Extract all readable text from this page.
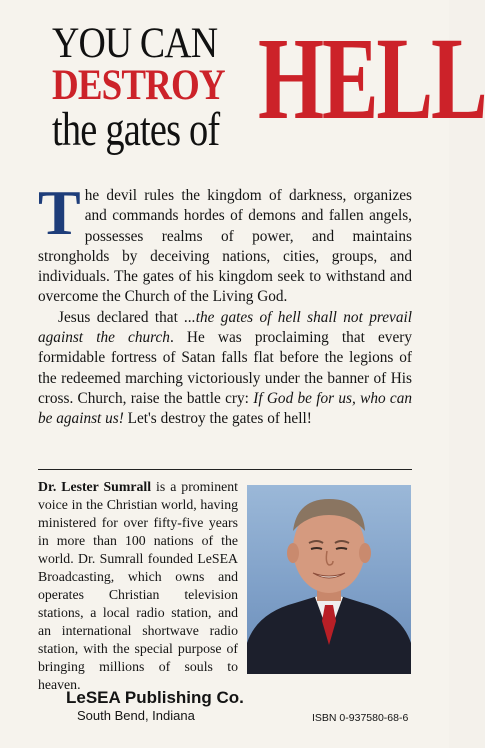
YOU CAN
DESTROY
the gates of HELL

The devil rules the kingdom of darkness, organizes and commands hordes of demons and fallen angels, possesses realms of power, and maintains strongholds by deceiving nations, cities, groups, and individuals. The gates of his kingdom seek to withstand and overcome the Church of the Living God.

Jesus declared that ...the gates of hell shall not prevail against the church. He was proclaiming that every formidable fortress of Satan falls flat before the legions of the redeemed marching victoriously under the banner of His cross. Church, raise the battle cry: If God be for us, who can be against us! Let's destroy the gates of hell!

Dr. Lester Sumrall is a prominent voice in the Christian world, having ministered for over fifty-five years in more than 100 nations of the world. Dr. Sumrall founded LeSEA Broadcasting, which owns and operates Christian television stations, a local radio station, and an international shortwave radio station, with the special purpose of bringing millions of souls to heaven.
LeSEA Publishing Co.
South Bend, Indiana	ISBN 0-937580-68-6
